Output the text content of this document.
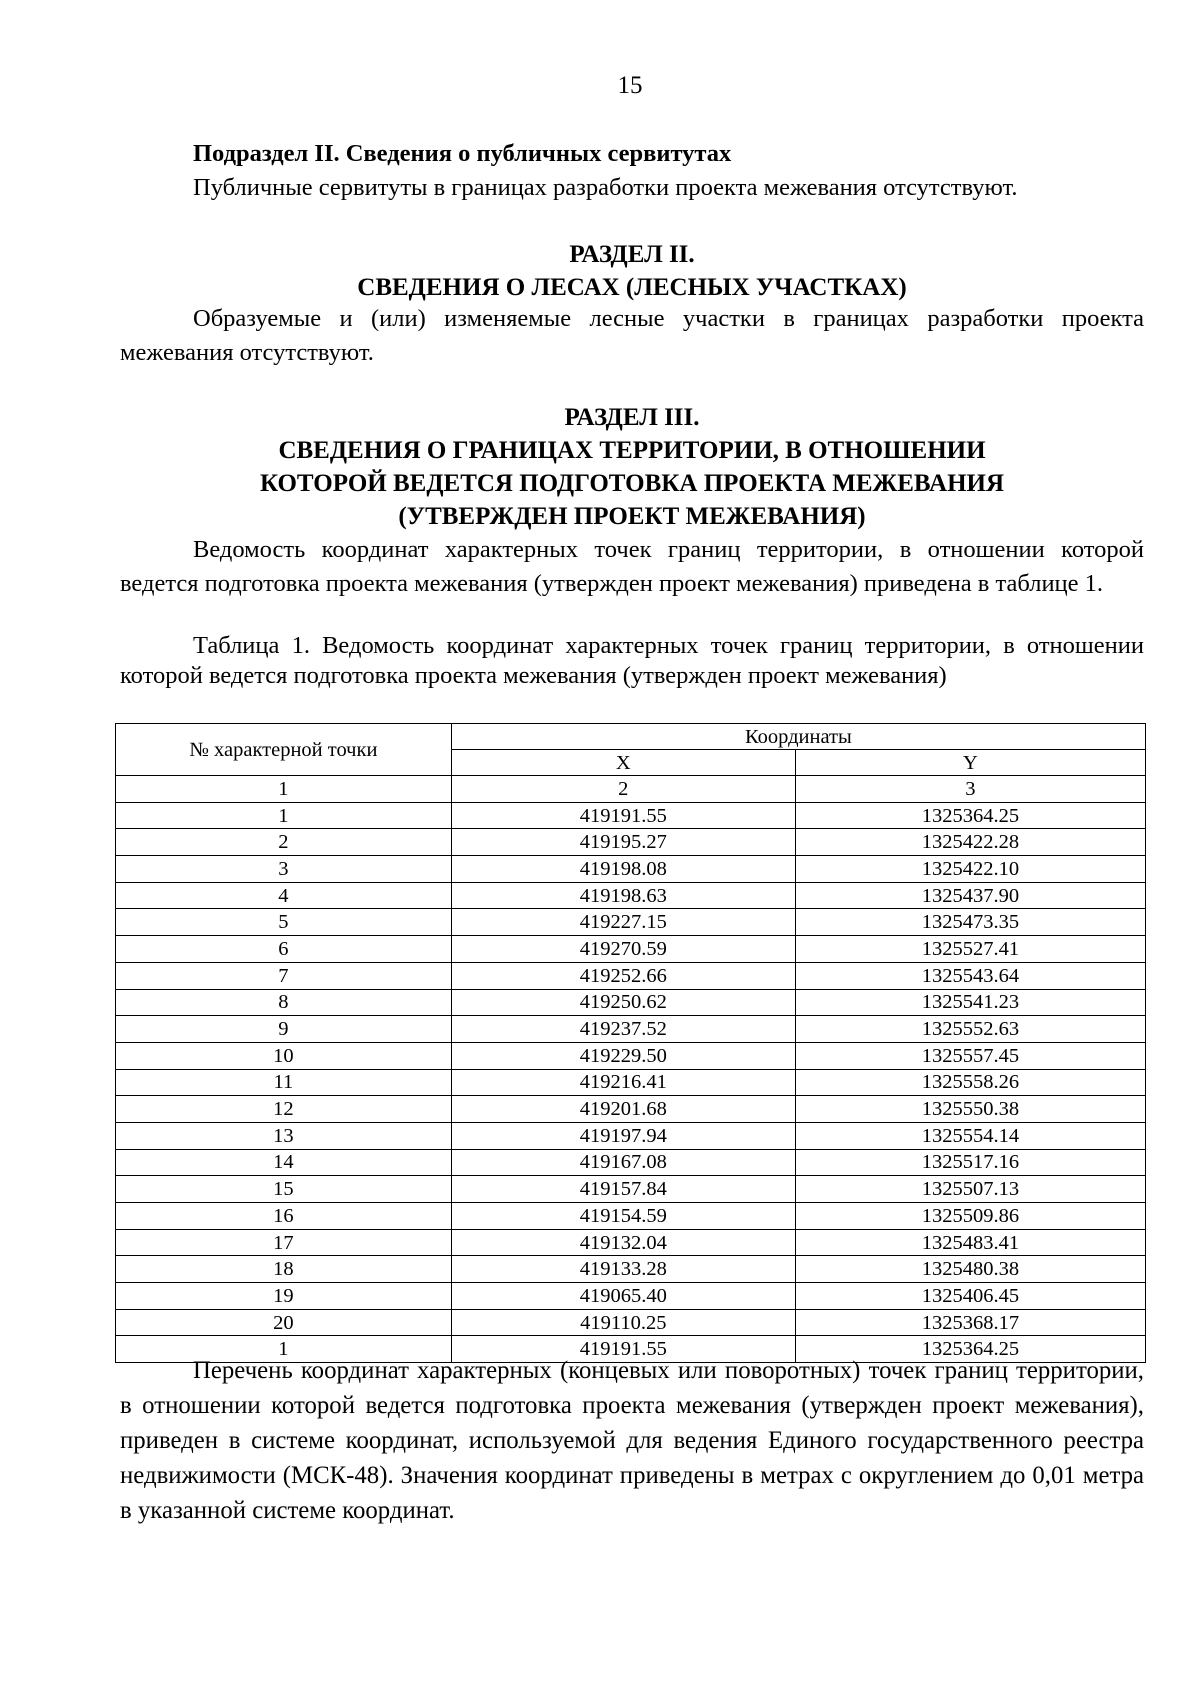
15
Подраздел II. Сведения о публичных сервитутах
Публичные сервитуты в границах разработки проекта межевания отсутствуют.
РАЗДЕЛ II.
СВЕДЕНИЯ О ЛЕСАХ (ЛЕСНЫХ УЧАСТКАХ)
Образуемые и (или) изменяемые лесные участки в границах разработки проекта межевания отсутствуют.
РАЗДЕЛ III.
СВЕДЕНИЯ О ГРАНИЦАХ ТЕРРИТОРИИ, В ОТНОШЕНИИ
КОТОРОЙ ВЕДЕТСЯ ПОДГОТОВКА ПРОЕКТА МЕЖЕВАНИЯ
(УТВЕРЖДЕН ПРОЕКТ МЕЖЕВАНИЯ)
Ведомость координат характерных точек границ территории, в отношении которой ведется подготовка проекта межевания (утвержден проект межевания) приведена в таблице 1.
Таблица 1. Ведомость координат характерных точек границ территории, в отношении которой ведется подготовка проекта межевания (утвержден проект межевания)
№ характерной точки	Координаты	
	X	Y
1	2	3
1	419191.55	1325364.25
2	419195.27	1325422.28
3	419198.08	1325422.10
4	419198.63	1325437.90
5	419227.15	1325473.35
6	419270.59	1325527.41
7	419252.66	1325543.64
8	419250.62	1325541.23
9	419237.52	1325552.63
10	419229.50	1325557.45
11	419216.41	1325558.26
12	419201.68	1325550.38
13	419197.94	1325554.14
14	419167.08	1325517.16
15	419157.84	1325507.13
16	419154.59	1325509.86
17	419132.04	1325483.41
18	419133.28	1325480.38
19	419065.40	1325406.45
20	419110.25	1325368.17
1	419191.55	1325364.25
Перечень координат характерных (концевых или поворотных) точек границ территории, в отношении которой ведется подготовка проекта межевания (утвержден проект межевания), приведен в системе координат, используемой для ведения Единого государственного реестра недвижимости (МСК-48). Значения координат приведены в метрах с округлением до 0,01 метра в указанной системе координат.
